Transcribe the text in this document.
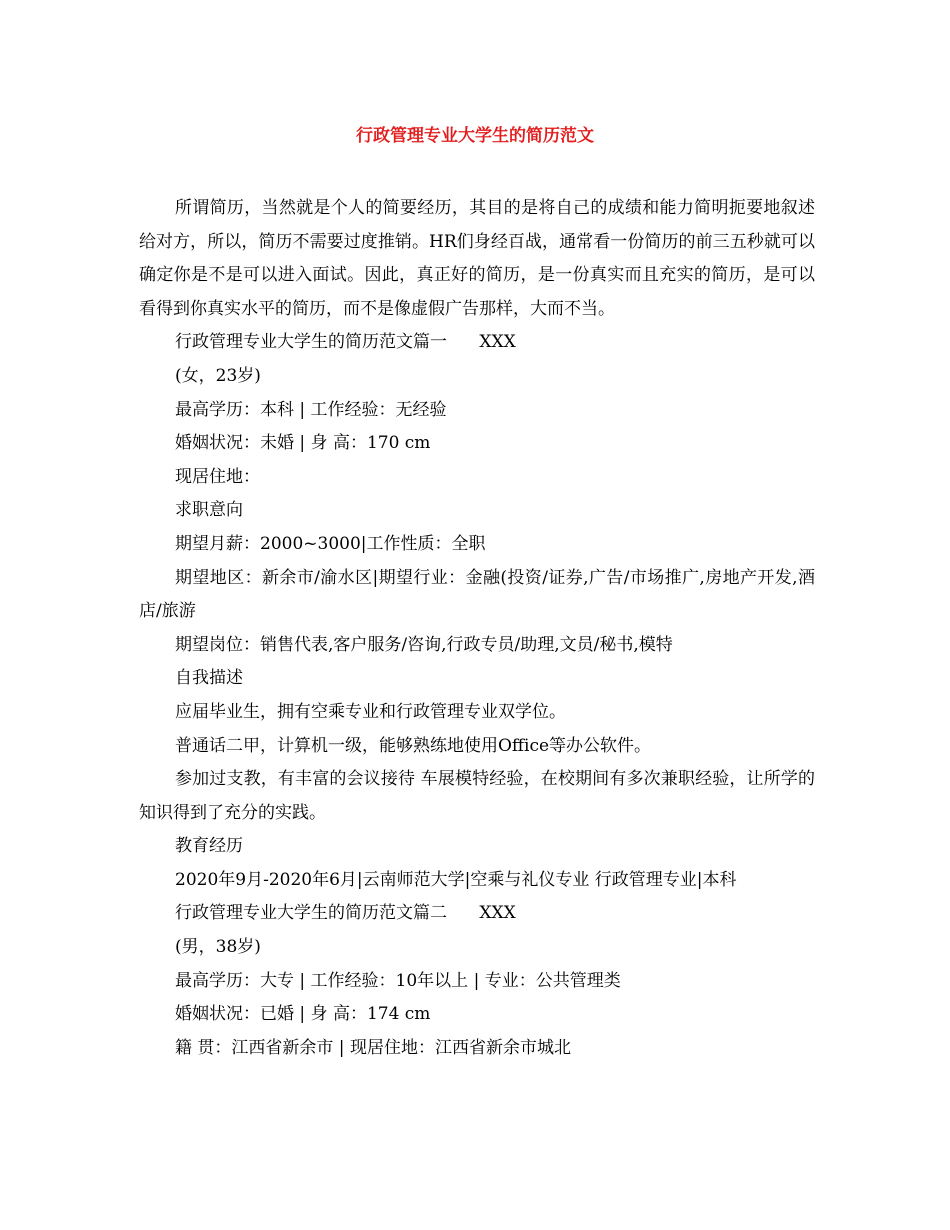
行政管理专业大学生的简历范文

所谓简历，当然就是个人的简要经历，其目的是将自己的成绩和能力简明扼要地叙述给对方，所以，简历不需要过度推销。HR们身经百战，通常看一份简历的前三五秒就可以确定你是不是可以进入面试。因此，真正好的简历，是一份真实而且充实的简历，是可以看得到你真实水平的简历，而不是像虚假广告那样，大而不当。

行政管理专业大学生的简历范文篇一      XXX

(女，23岁)

最高学历：本科 | 工作经验：无经验

婚姻状况：未婚 | 身 高：170 cm

现居住地：

求职意向

期望月薪：2000~3000|工作性质：全职

期望地区：新余市/渝水区|期望行业：金融(投资/证券,广告/市场推广,房地产开发,酒店/旅游

期望岗位：销售代表,客户服务/咨询,行政专员/助理,文员/秘书,模特

自我描述

应届毕业生，拥有空乘专业和行政管理专业双学位。

普通话二甲，计算机一级，能够熟练地使用Office等办公软件。

参加过支教，有丰富的会议接待 车展模特经验，在校期间有多次兼职经验，让所学的知识得到了充分的实践。

教育经历

2020年9月-2020年6月|云南师范大学|空乘与礼仪专业 行政管理专业|本科

行政管理专业大学生的简历范文篇二      XXX

(男，38岁)

最高学历：大专 | 工作经验：10年以上 | 专业：公共管理类

婚姻状况：已婚 | 身 高：174 cm

籍 贯：江西省新余市 | 现居住地：江西省新余市城北
